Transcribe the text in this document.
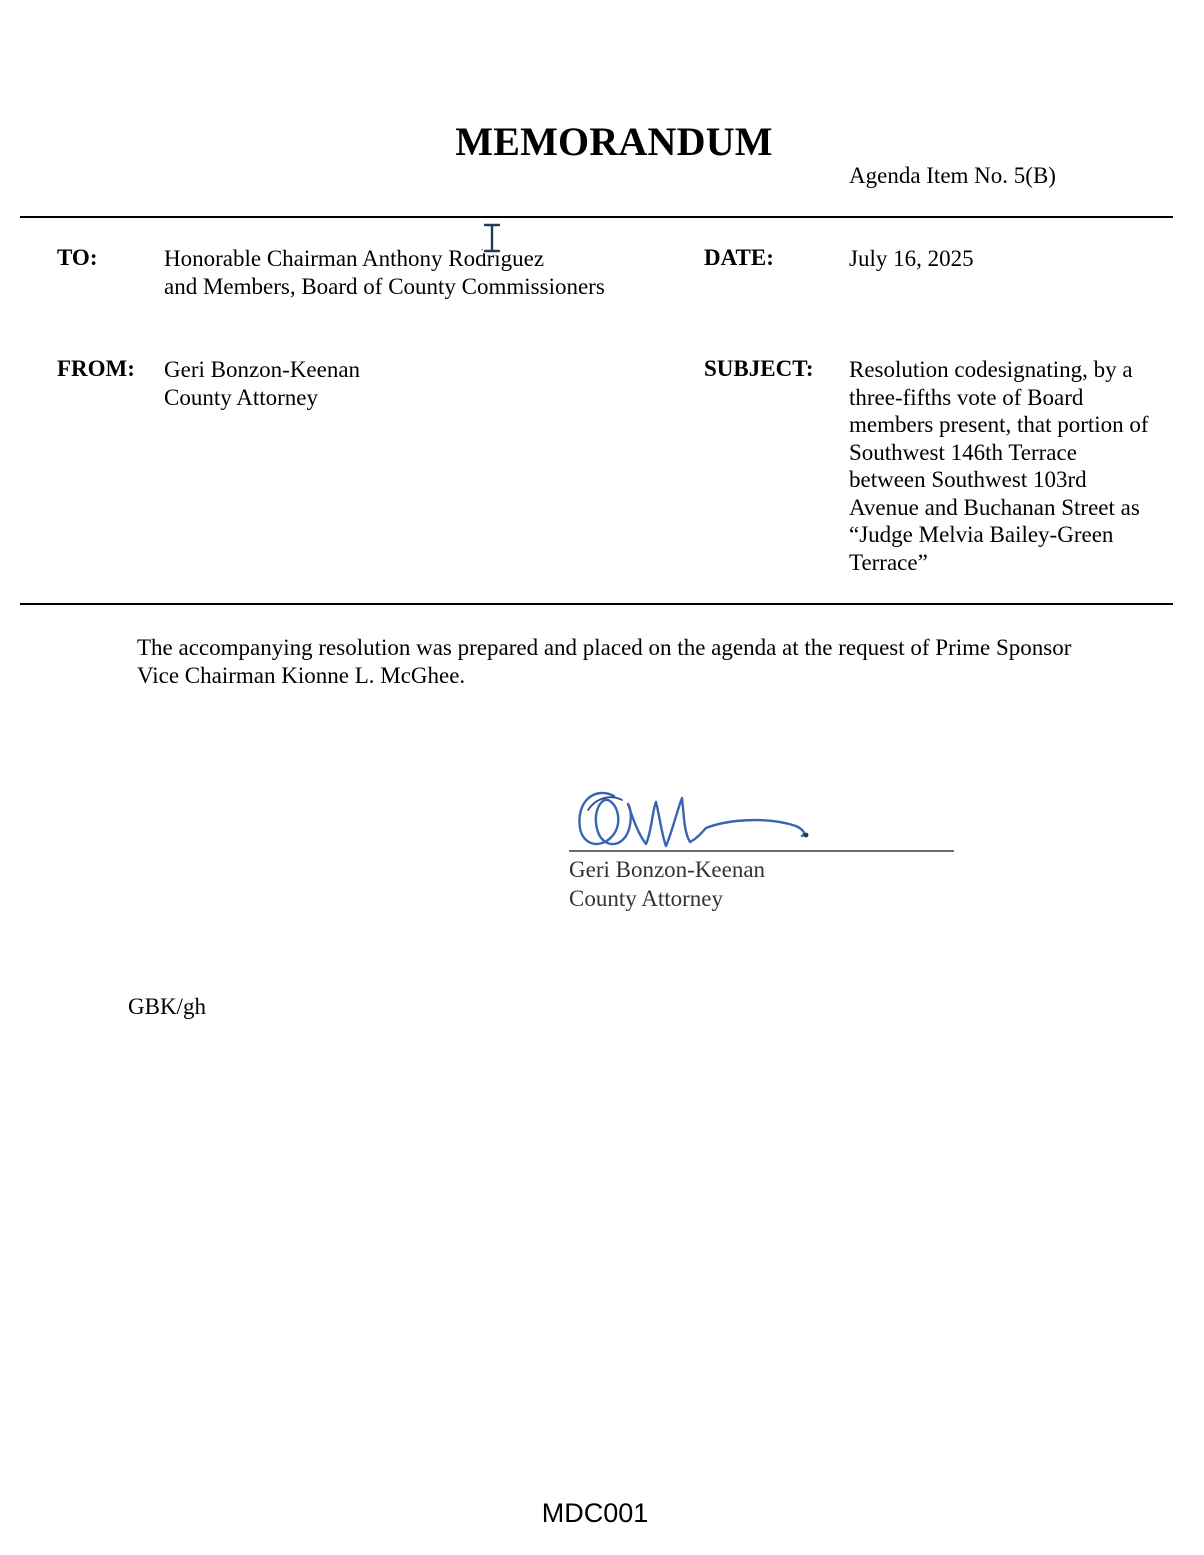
MEMORANDUM
Agenda Item No. 5(B)
TO:	Honorable Chairman Anthony Rodriguez
and Members, Board of County Commissioners
DATE:	July 16, 2025
FROM: Geri Bonzon-Keenan
County Attorney
SUBJECT: Resolution codesignating, by a
three-fifths vote of Board
members present, that portion of
Southwest 146th Terrace
between Southwest 103rd
Avenue and Buchanan Street as
“Judge Melvia Bailey-Green
Terrace”
The accompanying resolution was prepared and placed on the agenda at the request of Prime Sponsor
Vice Chairman Kionne L. McGhee.
Geri Bonzon-Keenan
County Attorney
GBK/gh
MDC001
